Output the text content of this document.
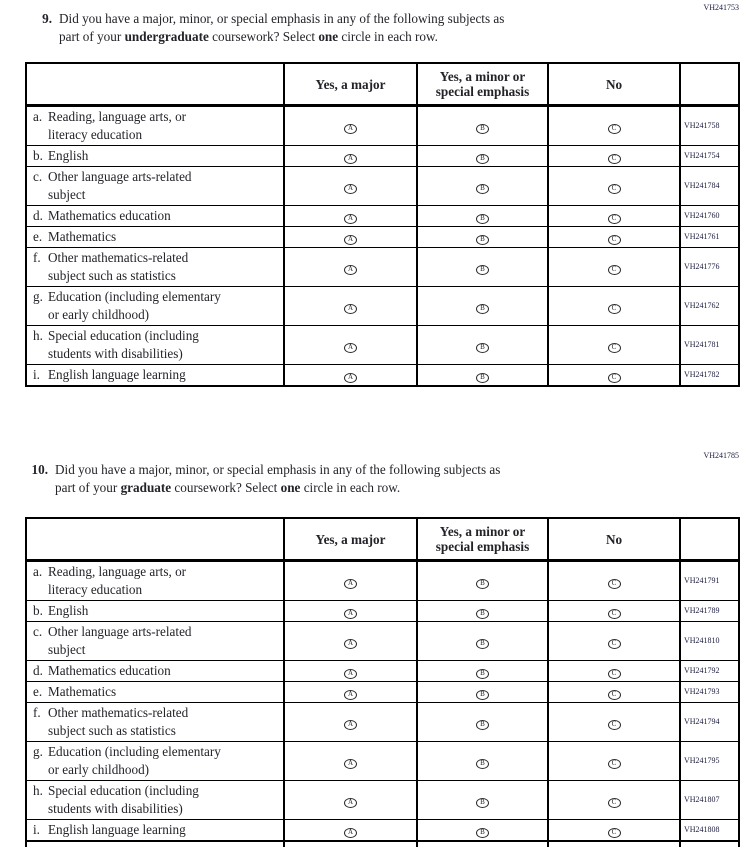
VH241753
9. Did you have a major, minor, or special emphasis in any of the following subjects as
part of your undergraduate coursework? Select one circle in each row.
	Yes, a major	Yes, a minor or special emphasis	No	

a. Reading, language arts, or
literacy education	A	B	C	VH241758

b. English	A	B	C	VH241754

c. Other language arts-related
subject	A	B	C	VH241784

d. Mathematics education	A	B	C	VH241760

e. Mathematics	A	B	C	VH241761

f. Other mathematics-related
subject such as statistics	A	B	C	VH241776

g. Education (including elementary
or early childhood)	A	B	C	VH241762

h. Special education (including
students with disabilities)	A	B	C	VH241781

i. English language learning	A	B	C	VH241782
VH241785
10. Did you have a major, minor, or special emphasis in any of the following subjects as
part of your graduate coursework? Select one circle in each row.
	Yes, a major	Yes, a minor or special emphasis	No	

a. Reading, language arts, or
literacy education	A	B	C	VH241791

b. English	A	B	C	VH241789

c. Other language arts-related
subject	A	B	C	VH241810

d. Mathematics education	A	B	C	VH241792

e. Mathematics	A	B	C	VH241793

f. Other mathematics-related
subject such as statistics	A	B	C	VH241794

g. Education (including elementary
or early childhood)	A	B	C	VH241795

h. Special education (including
students with disabilities)	A	B	C	VH241807

i. English language learning	A	B	C	VH241808
